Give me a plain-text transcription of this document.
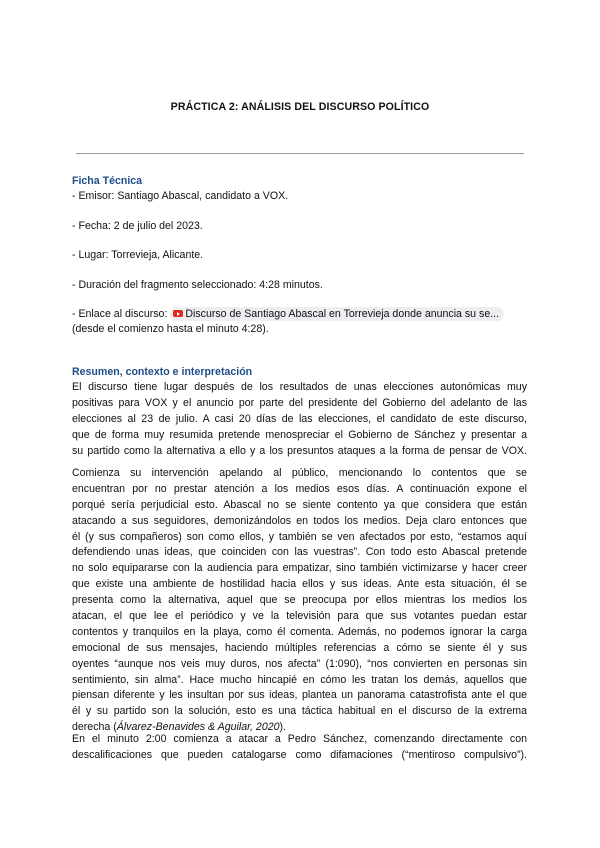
PRÁCTICA 2: ANÁLISIS DEL DISCURSO POLÍTICO
Ficha Técnica
- Emisor: Santiago Abascal, candidato a VOX.
- Fecha: 2 de julio del 2023.
- Lugar: Torrevieja, Alicante.
- Duración del fragmento seleccionado: 4:28 minutos.
- Enlace al discurso: Discurso de Santiago Abascal en Torrevieja donde anuncia su se...
(desde el comienzo hasta el minuto 4:28).
Resumen, contexto e interpretación
El discurso tiene lugar después de los resultados de unas elecciones autonómicas muy
positivas para VOX y el anuncio por parte del presidente del Gobierno del adelanto de las
elecciones al 23 de julio. A casi 20 días de las elecciones, el candidato de este discurso,
que de forma muy resumida pretende menospreciar el Gobierno de Sánchez y presentar a
su partido como la alternativa a ello y a los presuntos ataques a la forma de pensar de VOX.
Comienza su intervención apelando al público, mencionando lo contentos que se
encuentran por no prestar atención a los medios esos días. A continuación expone el
porqué sería perjudicial esto. Abascal no se siente contento ya que considera que están
atacando a sus seguidores, demonizándolos en todos los medios. Deja claro entonces que
él (y sus compañeros) son como ellos, y también se ven afectados por esto, “estamos aquí
defendiendo unas ideas, que coinciden con las vuestras”. Con todo esto Abascal pretende
no solo equipararse con la audiencia para empatizar, sino también victimizarse y hacer creer
que existe una ambiente de hostilidad hacia ellos y sus ideas. Ante esta situación, él se
presenta como la alternativa, aquel que se preocupa por ellos mientras los medios los
atacan, el que lee el periódico y ve la televisión para que sus votantes puedan estar
contentos y tranquilos en la playa, como él comenta. Además, no podemos ignorar la carga
emocional de sus mensajes, haciendo múltiples referencias a cómo se siente él y sus
oyentes “aunque nos veis muy duros, nos afecta” (1:090), “nos convierten en personas sin
sentimiento, sin alma”. Hace mucho hincapié en cómo les tratan los demás, aquellos que
piensan diferente y les insultan por sus ideas, plantea un panorama catastrofista ante el que
él y su partido son la solución, esto es una táctica habitual en el discurso de la extrema
derecha (Álvarez-Benavides & Aguilar, 2020).
En el minuto 2:00 comienza a atacar a Pedro Sánchez, comenzando directamente con
descalificaciones que pueden catalogarse como difamaciones (“mentiroso compulsivo”).
